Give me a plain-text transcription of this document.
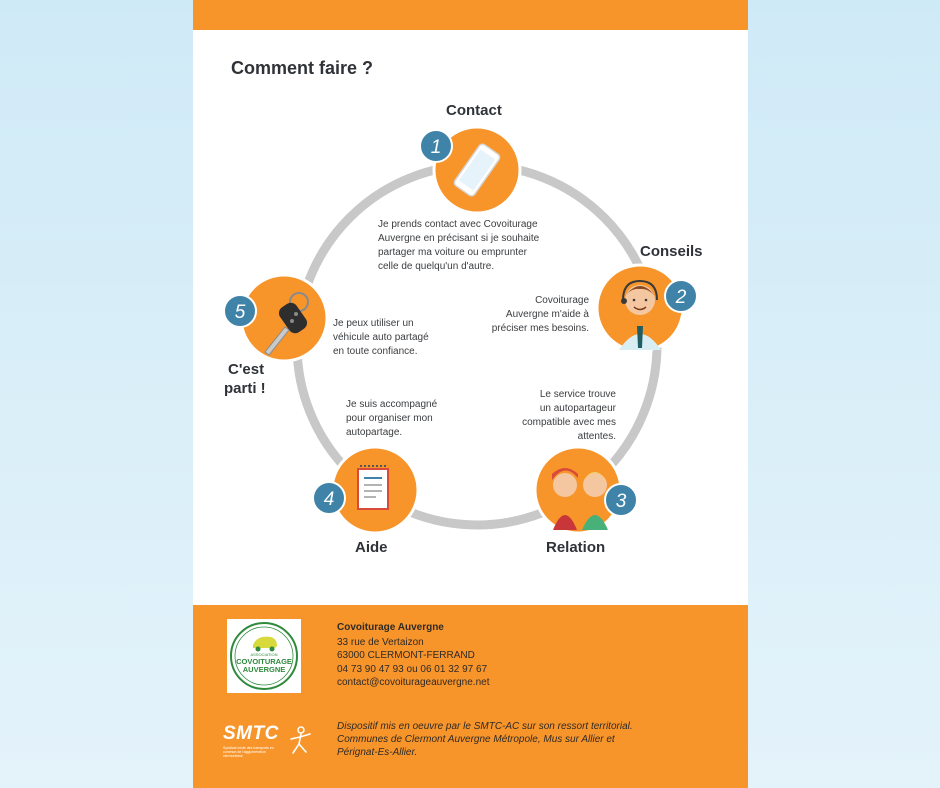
Comment faire ?
1
2
3
4
5
Contact
Conseils
Relation
Aide
C'est
parti !
Je prends contact avec Covoiturage
Auvergne en précisant si je souhaite
partager ma voiture ou emprunter
celle de quelqu'un d'autre.
Covoiturage
Auvergne m'aide à
préciser mes besoins.
Le service trouve
un autopartageur
compatible avec mes
attentes.
Je suis accompagné
pour organiser mon
autopartage.
Je peux utiliser un
véhicule auto partagé
en toute confiance.
ASSOCIATION
COVOITURAGE
AUVERGNE
Covoiturage Auvergne
33 rue de Vertaizon
63000 CLERMONT-FERRAND
04 73 90 47 93 ou 06 01 32 97 67
contact@covoiturageauvergne.net
SMTC
Syndicat mixte des transports en commun de l'agglomération clermontoise
Dispositif mis en oeuvre par le SMTC-AC sur son ressort territorial.
Communes de Clermont Auvergne Métropole, Mus sur Allier et
Pérignat-Es-Allier.
